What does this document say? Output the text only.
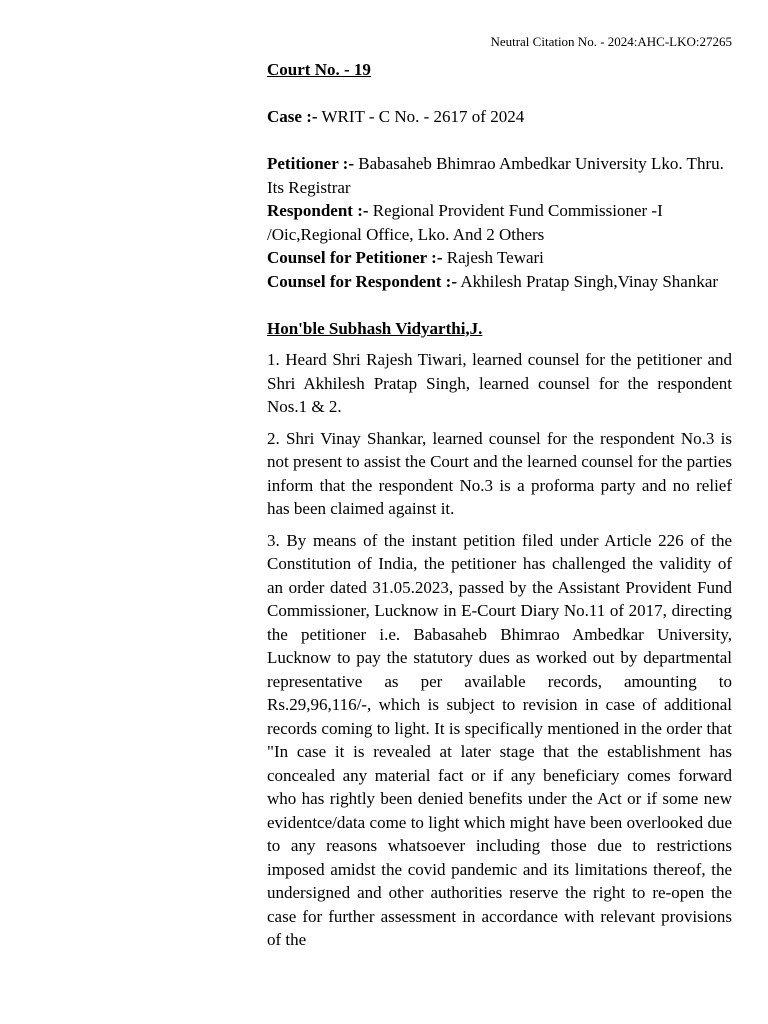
Neutral Citation No. - 2024:AHC-LKO:27265

Court No. - 19

Case :- WRIT - C No. - 2617 of 2024

Petitioner :- Babasaheb Bhimrao Ambedkar University Lko. Thru. Its Registrar
Respondent :- Regional Provident Fund Commissioner -I /Oic,Regional Office, Lko. And 2 Others
Counsel for Petitioner :- Rajesh Tewari
Counsel for Respondent :- Akhilesh Pratap Singh,Vinay Shankar

Hon'ble Subhash Vidyarthi,J.

1. Heard Shri Rajesh Tiwari, learned counsel for the petitioner and Shri Akhilesh Pratap Singh, learned counsel for the respondent Nos.1 & 2.

2. Shri Vinay Shankar, learned counsel for the respondent No.3 is not present to assist the Court and the learned counsel for the parties inform that the respondent No.3 is a proforma party and no relief has been claimed against it.

3. By means of the instant petition filed under Article 226 of the Constitution of India, the petitioner has challenged the validity of an order dated 31.05.2023, passed by the Assistant Provident Fund Commissioner, Lucknow in E-Court Diary No.11 of 2017, directing the petitioner i.e. Babasaheb Bhimrao Ambedkar University, Lucknow to pay the statutory dues as worked out by departmental representative as per available records, amounting to Rs.29,96,116/-, which is subject to revision in case of additional records coming to light. It is specifically mentioned in the order that "In case it is revealed at later stage that the establishment has concealed any material fact or if any beneficiary comes forward who has rightly been denied benefits under the Act or if some new evidentce/data come to light which might have been overlooked due to any reasons whatsoever including those due to restrictions imposed amidst the covid pandemic and its limitations thereof, the undersigned and other authorities reserve the right to re-open the case for further assessment in accordance with relevant provisions of the
